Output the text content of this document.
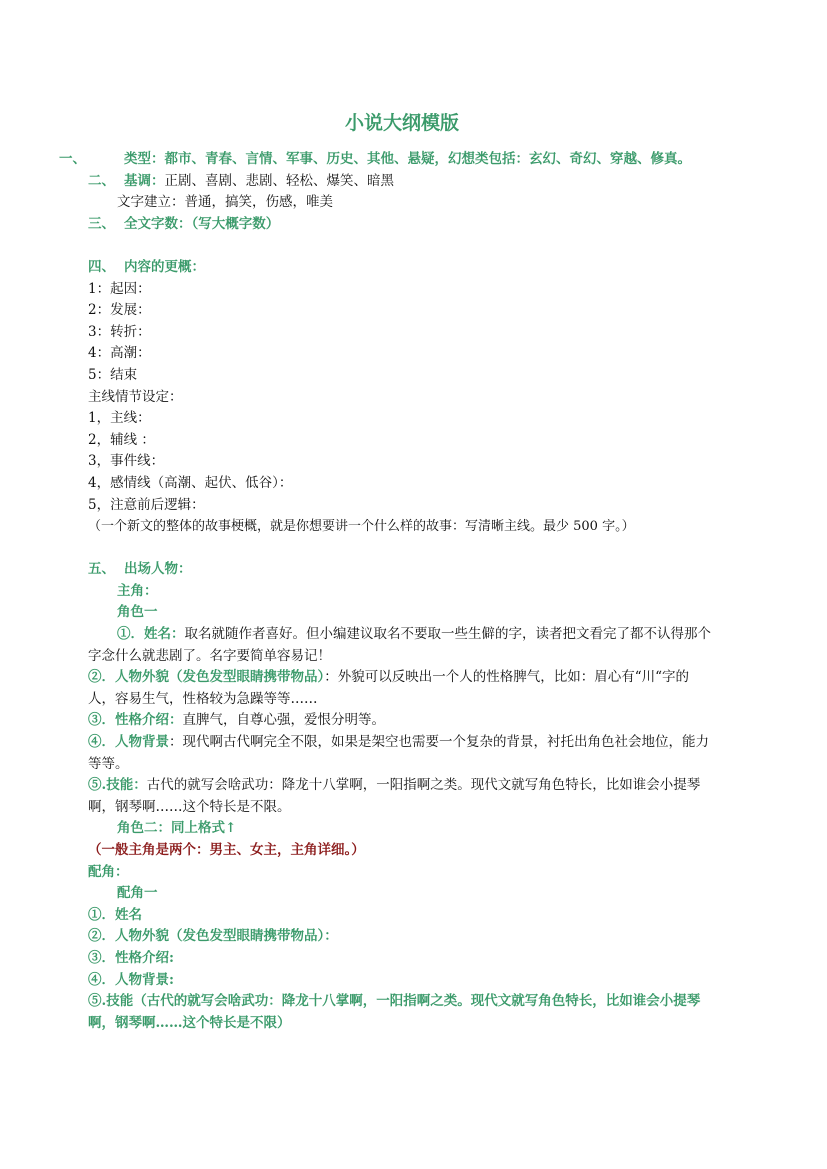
小说大纲模版
一、	类型：都市、青春、言情、军事、历史、其他、悬疑，幻想类包括：玄幻、奇幻、穿越、修真。
二、 基调：正剧、喜剧、悲剧、轻松、爆笑、暗黑
文字建立：普通，搞笑，伤感，唯美
三、 全文字数：（写大概字数）
四、 内容的更概：
1：起因：
2：发展：
3：转折：
4：高潮：
5：结束
主线情节设定：
1，主线：
2，辅线 ：
3，事件线：
4，感情线（高潮、起伏、低谷）：
5，注意前后逻辑：
（一个新文的整体的故事梗概，就是你想要讲一个什么样的故事：写清晰主线。最少 500 字。）
五、 出场人物：
主角：
角色一
①．姓名：取名就随作者喜好。但小编建议取名不要取一些生僻的字，读者把文看完了都不认得那个字念什么就悲剧了。名字要简单容易记！
②．人物外貌（发色发型眼睛携带物品）：外貌可以反映出一个人的性格脾气，比如：眉心有“川“字的人，容易生气，性格较为急躁等等……
③．性格介绍：直脾气，自尊心强，爱恨分明等。
④．人物背景：现代啊古代啊完全不限，如果是架空也需要一个复杂的背景，衬托出角色社会地位，能力等等。
⑤.技能：古代的就写会啥武功：降龙十八掌啊，一阳指啊之类。现代文就写角色特长，比如谁会小提琴啊，钢琴啊……这个特长是不限。
角色二：同上格式↑
（一般主角是两个：男主、女主，主角详细。）
配角：
配角一
①．姓名
②．人物外貌（发色发型眼睛携带物品）：
③．性格介绍:
④．人物背景:
⑤.技能（古代的就写会啥武功：降龙十八掌啊，一阳指啊之类。现代文就写角色特长，比如谁会小提琴啊，钢琴啊……这个特长是不限）
